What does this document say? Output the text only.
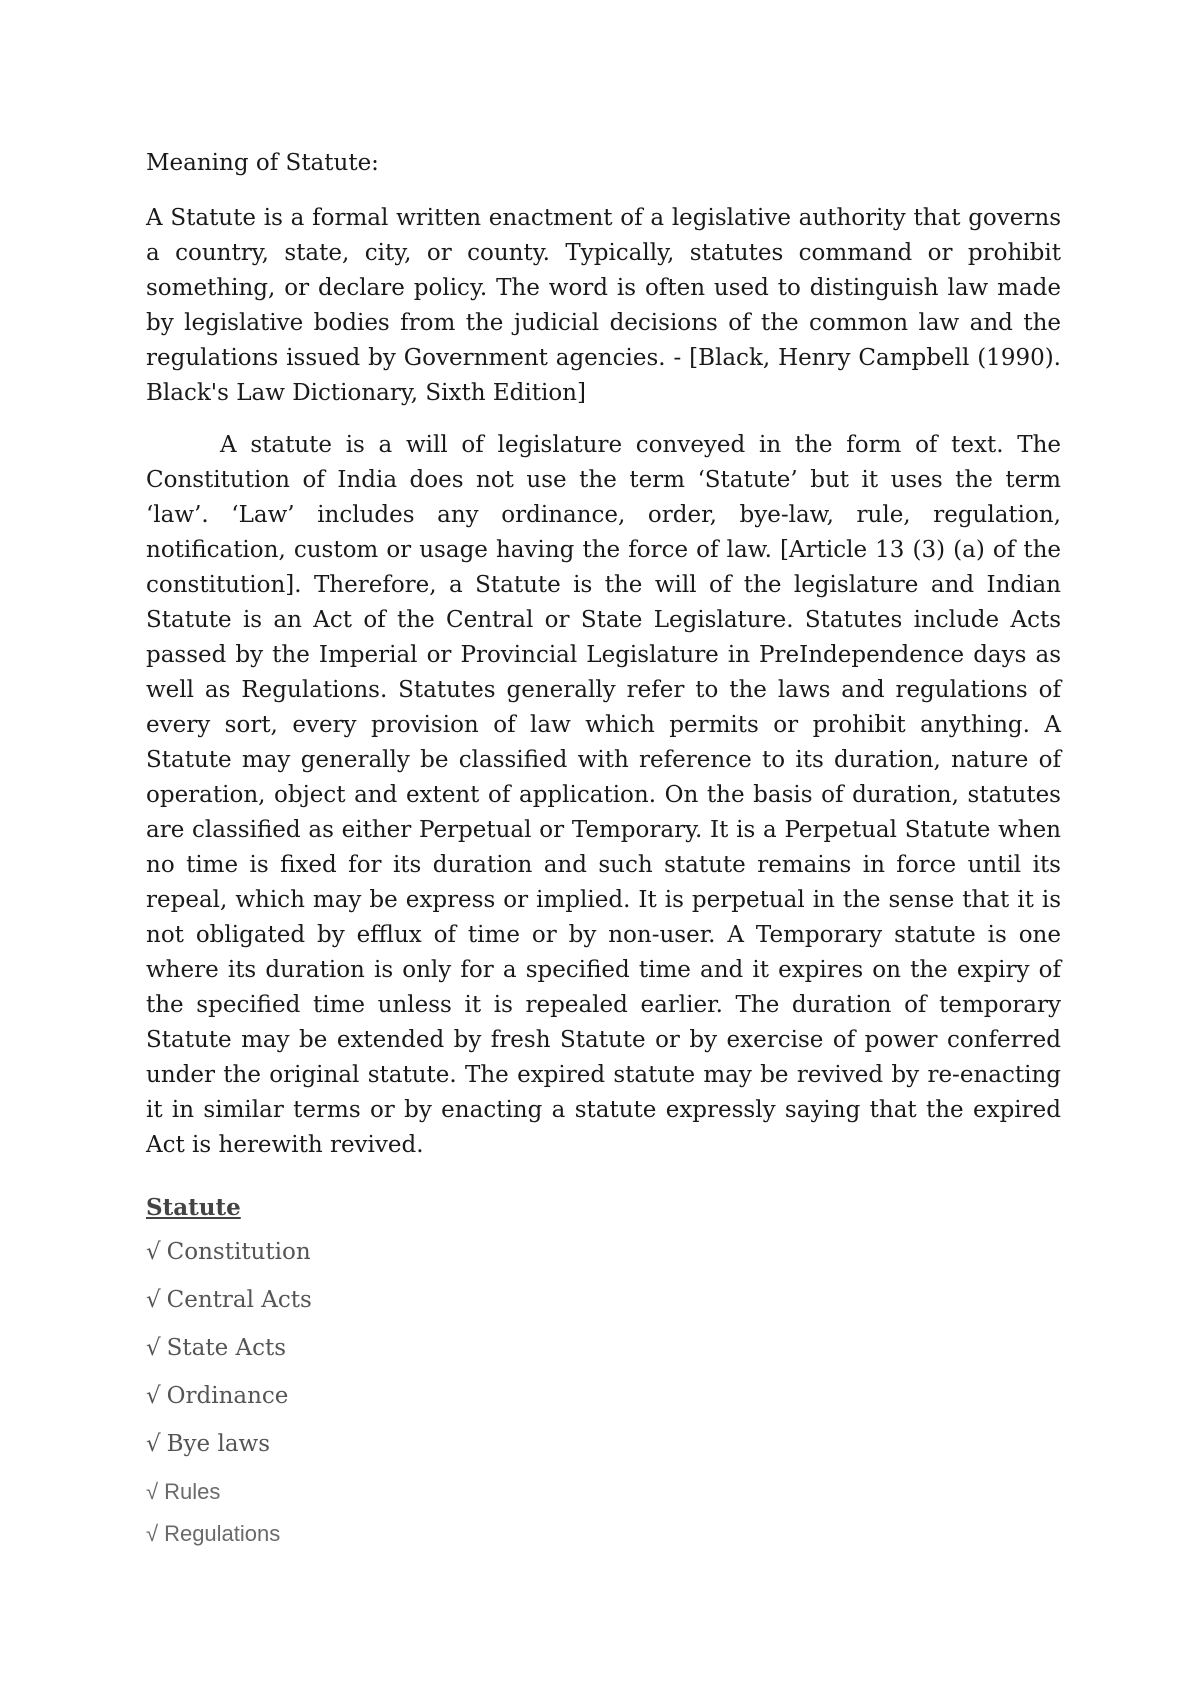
Meaning of Statute:

A Statute is a formal written enactment of a legislative authority that governs a country, state, city, or county. Typically, statutes command or prohibit something, or declare policy. The word is often used to distinguish law made by legislative bodies from the judicial decisions of the common law and the regulations issued by Government agencies. - [Black, Henry Campbell (1990). Black's Law Dictionary, Sixth Edition]

A statute is a will of legislature conveyed in the form of text. The Constitution of India does not use the term ‘Statute’ but it uses the term ‘law’. ‘Law’ includes any ordinance, order, bye-law, rule, regulation, notification, custom or usage having the force of law. [Article 13 (3) (a) of the constitution]. Therefore, a Statute is the will of the legislature and Indian Statute is an Act of the Central or State Legislature. Statutes include Acts passed by the Imperial or Provincial Legislature in PreIndependence days as well as Regulations. Statutes generally refer to the laws and regulations of every sort, every provision of law which permits or prohibit anything. A Statute may generally be classified with reference to its duration, nature of operation, object and extent of application. On the basis of duration, statutes are classified as either Perpetual or Temporary. It is a Perpetual Statute when no time is fixed for its duration and such statute remains in force until its repeal, which may be express or implied. It is perpetual in the sense that it is not obligated by efflux of time or by non-user. A Temporary statute is one where its duration is only for a specified time and it expires on the expiry of the specified time unless it is repealed earlier. The duration of temporary Statute may be extended by fresh Statute or by exercise of power conferred under the original statute. The expired statute may be revived by re-enacting it in similar terms or by enacting a statute expressly saying that the expired Act is herewith revived.

Statute
√ Constitution
√ Central Acts
√ State Acts
√ Ordinance
√ Bye laws
√ Rules
√ Regulations
